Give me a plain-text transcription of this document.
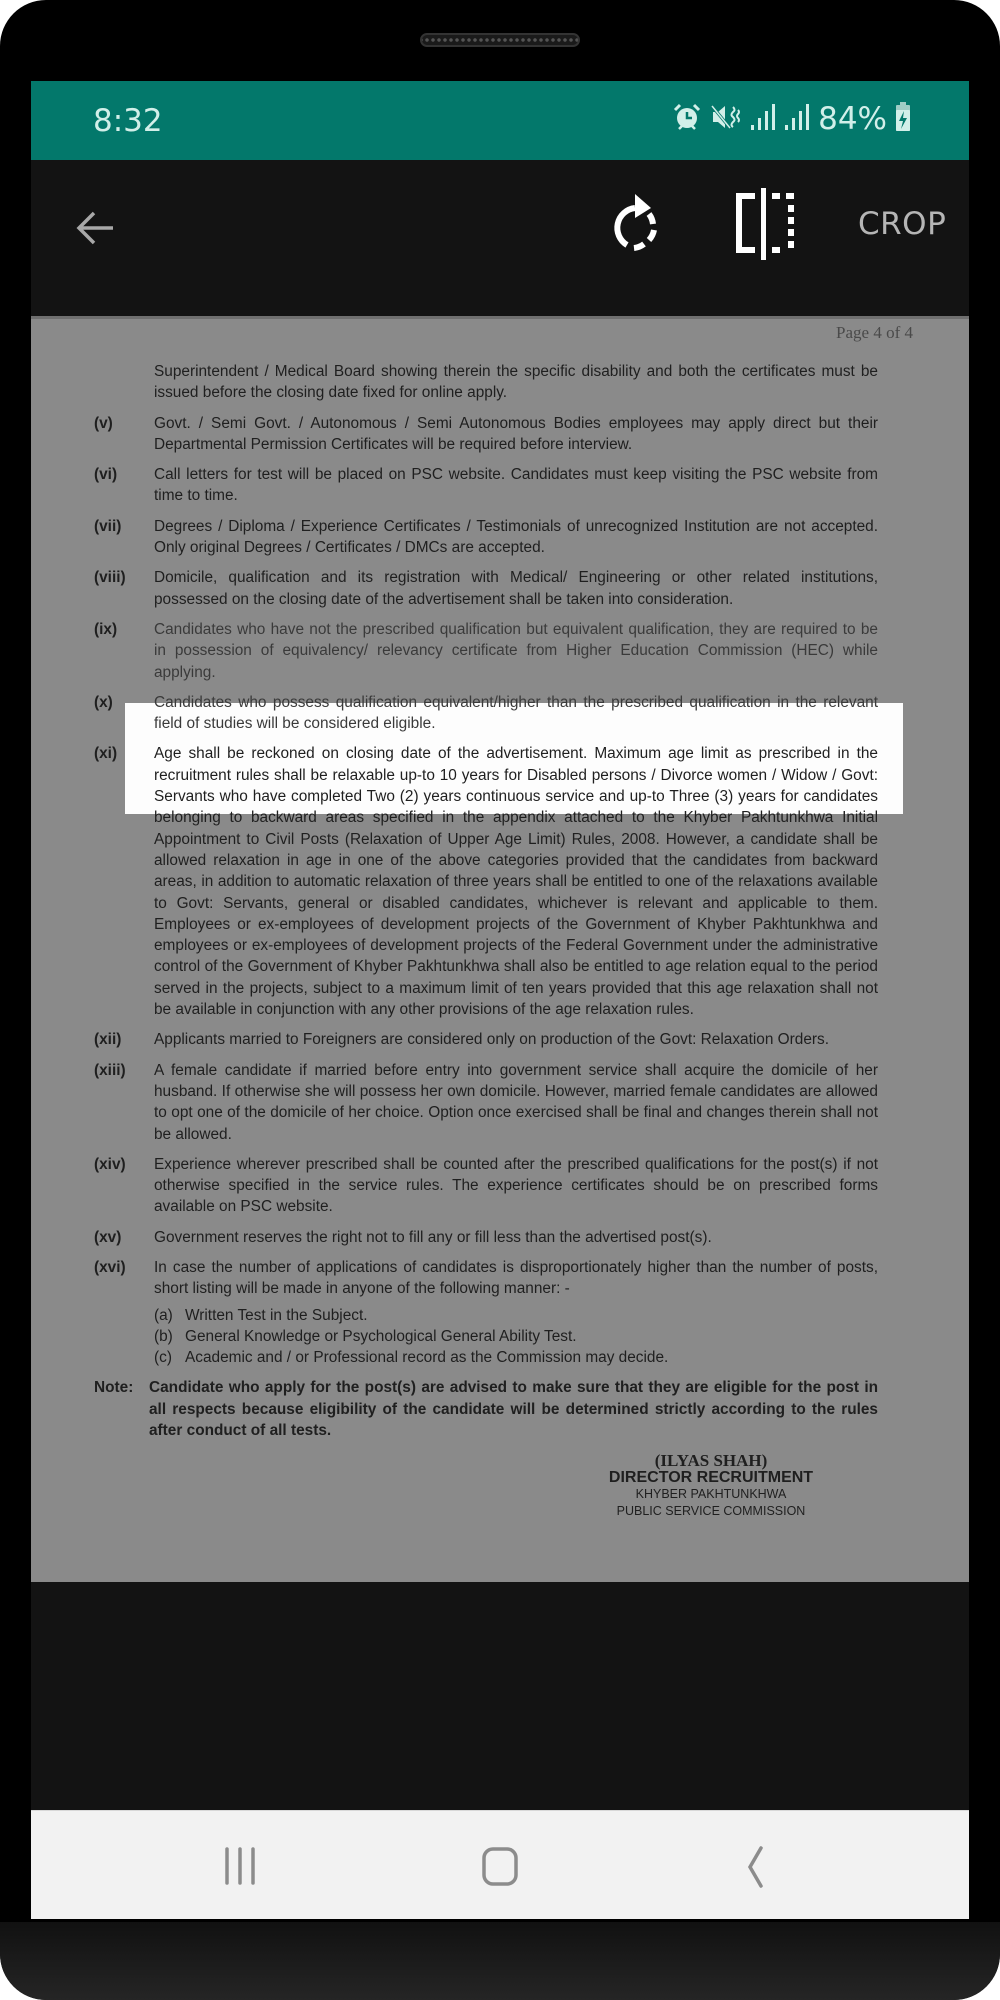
8:32	84%
CROP
Page 4 of 4
Superintendent / Medical Board showing therein the specific disability and both the certificates must be issued before the closing date fixed for online apply.
(v)	Govt. / Semi Govt. / Autonomous / Semi Autonomous Bodies employees may apply direct but their Departmental Permission Certificates will be required before interview.
(vi)	Call letters for test will be placed on PSC website. Candidates must keep visiting the PSC website from time to time.
(vii)	Degrees / Diploma / Experience Certificates / Testimonials of unrecognized Institution are not accepted. Only original Degrees / Certificates / DMCs are accepted.
(viii)	Domicile, qualification and its registration with Medical/ Engineering or other related institutions, possessed on the closing date of the advertisement shall be taken into consideration.
(ix)	Candidates who have not the prescribed qualification but equivalent qualification, they are required to be in possession of equivalency/ relevancy certificate from Higher Education Commission (HEC) while applying.
(x)	Candidates who possess qualification equivalent/higher than the prescribed qualification in the relevant field of studies will be considered eligible.
(xi)	Age shall be reckoned on closing date of the advertisement. Maximum age limit as prescribed in the recruitment rules shall be relaxable up-to 10 years for Disabled persons / Divorce women / Widow / Govt: Servants who have completed Two (2) years continuous service and up-to Three (3) years for candidates belonging to backward areas specified in the appendix attached to the Khyber Pakhtunkhwa Initial Appointment to Civil Posts (Relaxation of Upper Age Limit) Rules, 2008. However, a candidate shall be allowed relaxation in age in one of the above categories provided that the candidates from backward areas, in addition to automatic relaxation of three years shall be entitled to one of the relaxations available to Govt: Servants, general or disabled candidates, whichever is relevant and applicable to them. Employees or ex-employees of development projects of the Government of Khyber Pakhtunkhwa and employees or ex-employees of development projects of the Federal Government under the administrative control of the Government of Khyber Pakhtunkhwa shall also be entitled to age relation equal to the period served in the projects, subject to a maximum limit of ten years provided that this age relaxation shall not be available in conjunction with any other provisions of the age relaxation rules.
(xii)	Applicants married to Foreigners are considered only on production of the Govt: Relaxation Orders.
(xiii)	A female candidate if married before entry into government service shall acquire the domicile of her husband. If otherwise she will possess her own domicile. However, married female candidates are allowed to opt one of the domicile of her choice. Option once exercised shall be final and changes therein shall not be allowed.
(xiv)	Experience wherever prescribed shall be counted after the prescribed qualifications for the post(s) if not otherwise specified in the service rules. The experience certificates should be on prescribed forms available on PSC website.
(xv)	Government reserves the right not to fill any or fill less than the advertised post(s).
(xvi)	In case the number of applications of candidates is disproportionately higher than the number of posts, short listing will be made in anyone of the following manner: -
(a) Written Test in the Subject.
(b) General Knowledge or Psychological General Ability Test.
(c) Academic and / or Professional record as the Commission may decide.
Note:	Candidate who apply for the post(s) are advised to make sure that they are eligible for the post in all respects because eligibility of the candidate will be determined strictly according to the rules after conduct of all tests.
(ILYAS SHAH)
DIRECTOR RECRUITMENT
KHYBER PAKHTUNKHWA
PUBLIC SERVICE COMMISSION
